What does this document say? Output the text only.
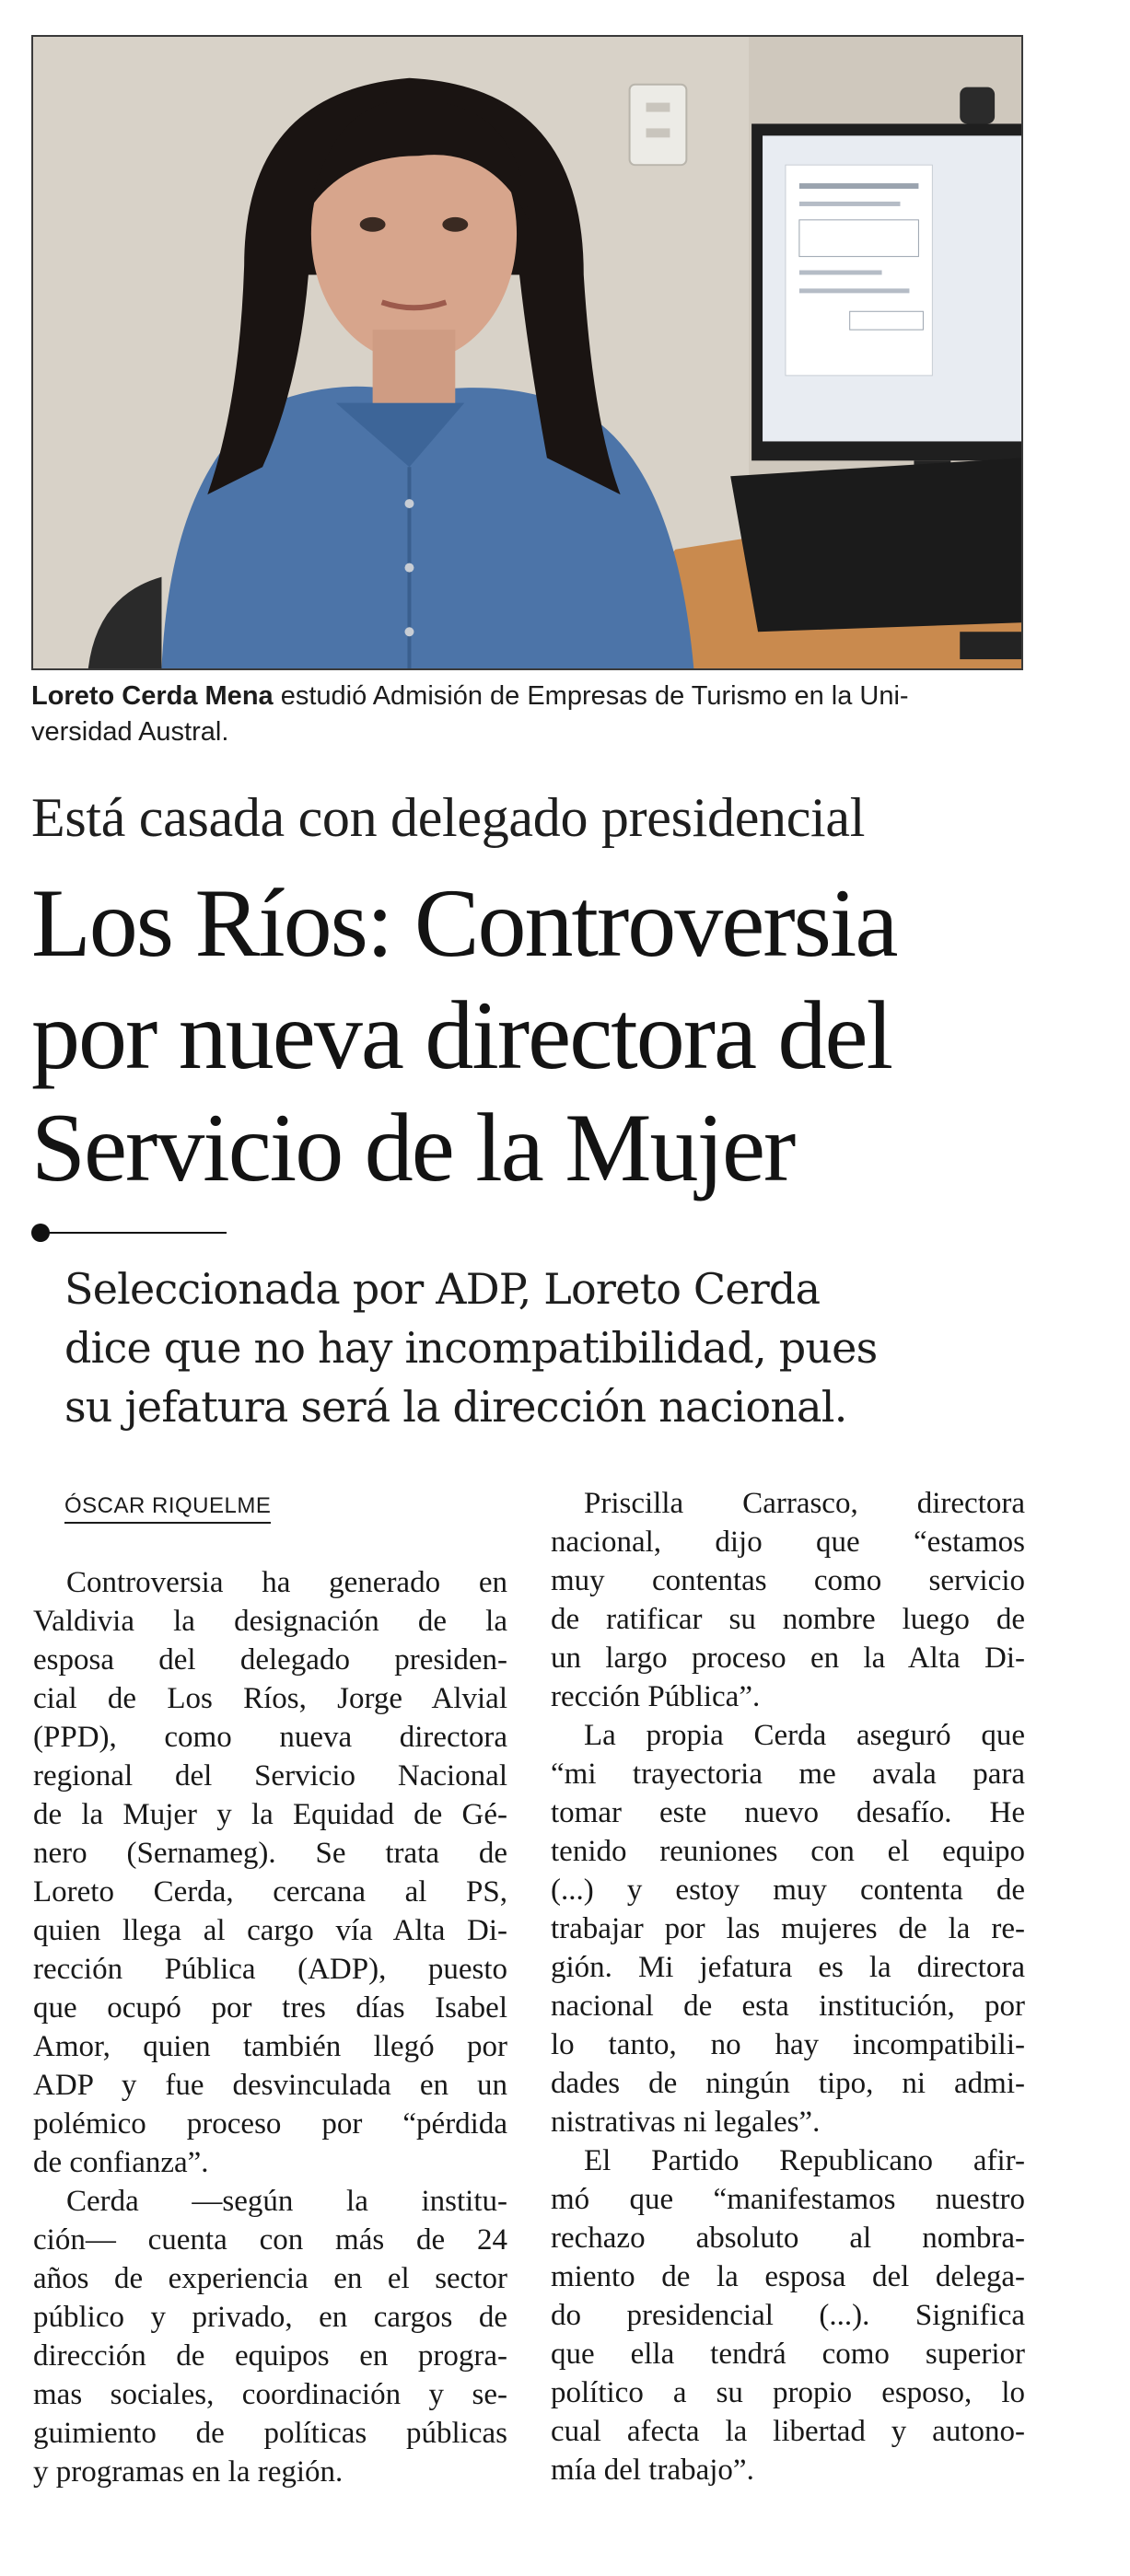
Loreto Cerda Mena estudió Admisión de Empresas de Turismo en la Uni-
versidad Austral.
Está casada con delegado presidencial
Los Ríos: Controversia
por nueva directora del
Servicio de la Mujer
Seleccionada por ADP, Loreto Cerda
dice que no hay incompatibilidad, pues
su jefatura será la dirección nacional.
ÓSCAR RIQUELME
Controversia ha generado en
Valdivia la designación de la
esposa del delegado presiden-
cial de Los Ríos, Jorge Alvial
(PPD), como nueva directora
regional del Servicio Nacional
de la Mujer y la Equidad de Gé-
nero (Sernameg). Se trata de
Loreto Cerda, cercana al PS,
quien llega al cargo vía Alta Di-
rección Pública (ADP), puesto
que ocupó por tres días Isabel
Amor, quien también llegó por
ADP y fue desvinculada en un
polémico proceso por “pérdida
de confianza”.
Cerda —según la institu-
ción— cuenta con más de 24
años de experiencia en el sector
público y privado, en cargos de
dirección de equipos en progra-
mas sociales, coordinación y se-
guimiento de políticas públicas
y programas en la región.
Priscilla Carrasco, directora
nacional, dijo que “estamos
muy contentas como servicio
de ratificar su nombre luego de
un largo proceso en la Alta Di-
rección Pública”.
La propia Cerda aseguró que
“mi trayectoria me avala para
tomar este nuevo desafío. He
tenido reuniones con el equipo
(...) y estoy muy contenta de
trabajar por las mujeres de la re-
gión. Mi jefatura es la directora
nacional de esta institución, por
lo tanto, no hay incompatibili-
dades de ningún tipo, ni admi-
nistrativas ni legales”.
El Partido Republicano afir-
mó que “manifestamos nuestro
rechazo absoluto al nombra-
miento de la esposa del delega-
do presidencial (...). Significa
que ella tendrá como superior
político a su propio esposo, lo
cual afecta la libertad y autono-
mía del trabajo”.
